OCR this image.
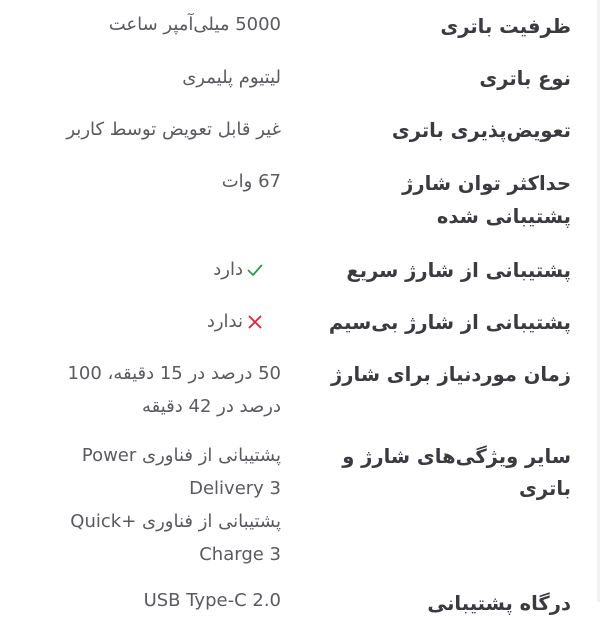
ظرفیت باتری
5000 میلی‌آمپر ساعت
نوع باتری
لیتیوم پلیمری
تعویض‌پذیری باتری
غیر قابل تعویض توسط کاربر
حداکثر توان شارژ پشتیبانی شده
67 وات
پشتیبانی از شارژ سریع
دارد
پشتیبانی از شارژ بی‌سیم
ندارد
زمان موردنیاز برای شارژ
50 درصد در 15 دقیقه، 100
درصد در 42 دقیقه
سایر ویژگی‌های شارژ و باتری
پشتیبانی از فناوری Power
Delivery 3
پشتیبانی از فناوری +Quick
Charge 3
درگاه پشتیبانی
USB Type-C 2.0
